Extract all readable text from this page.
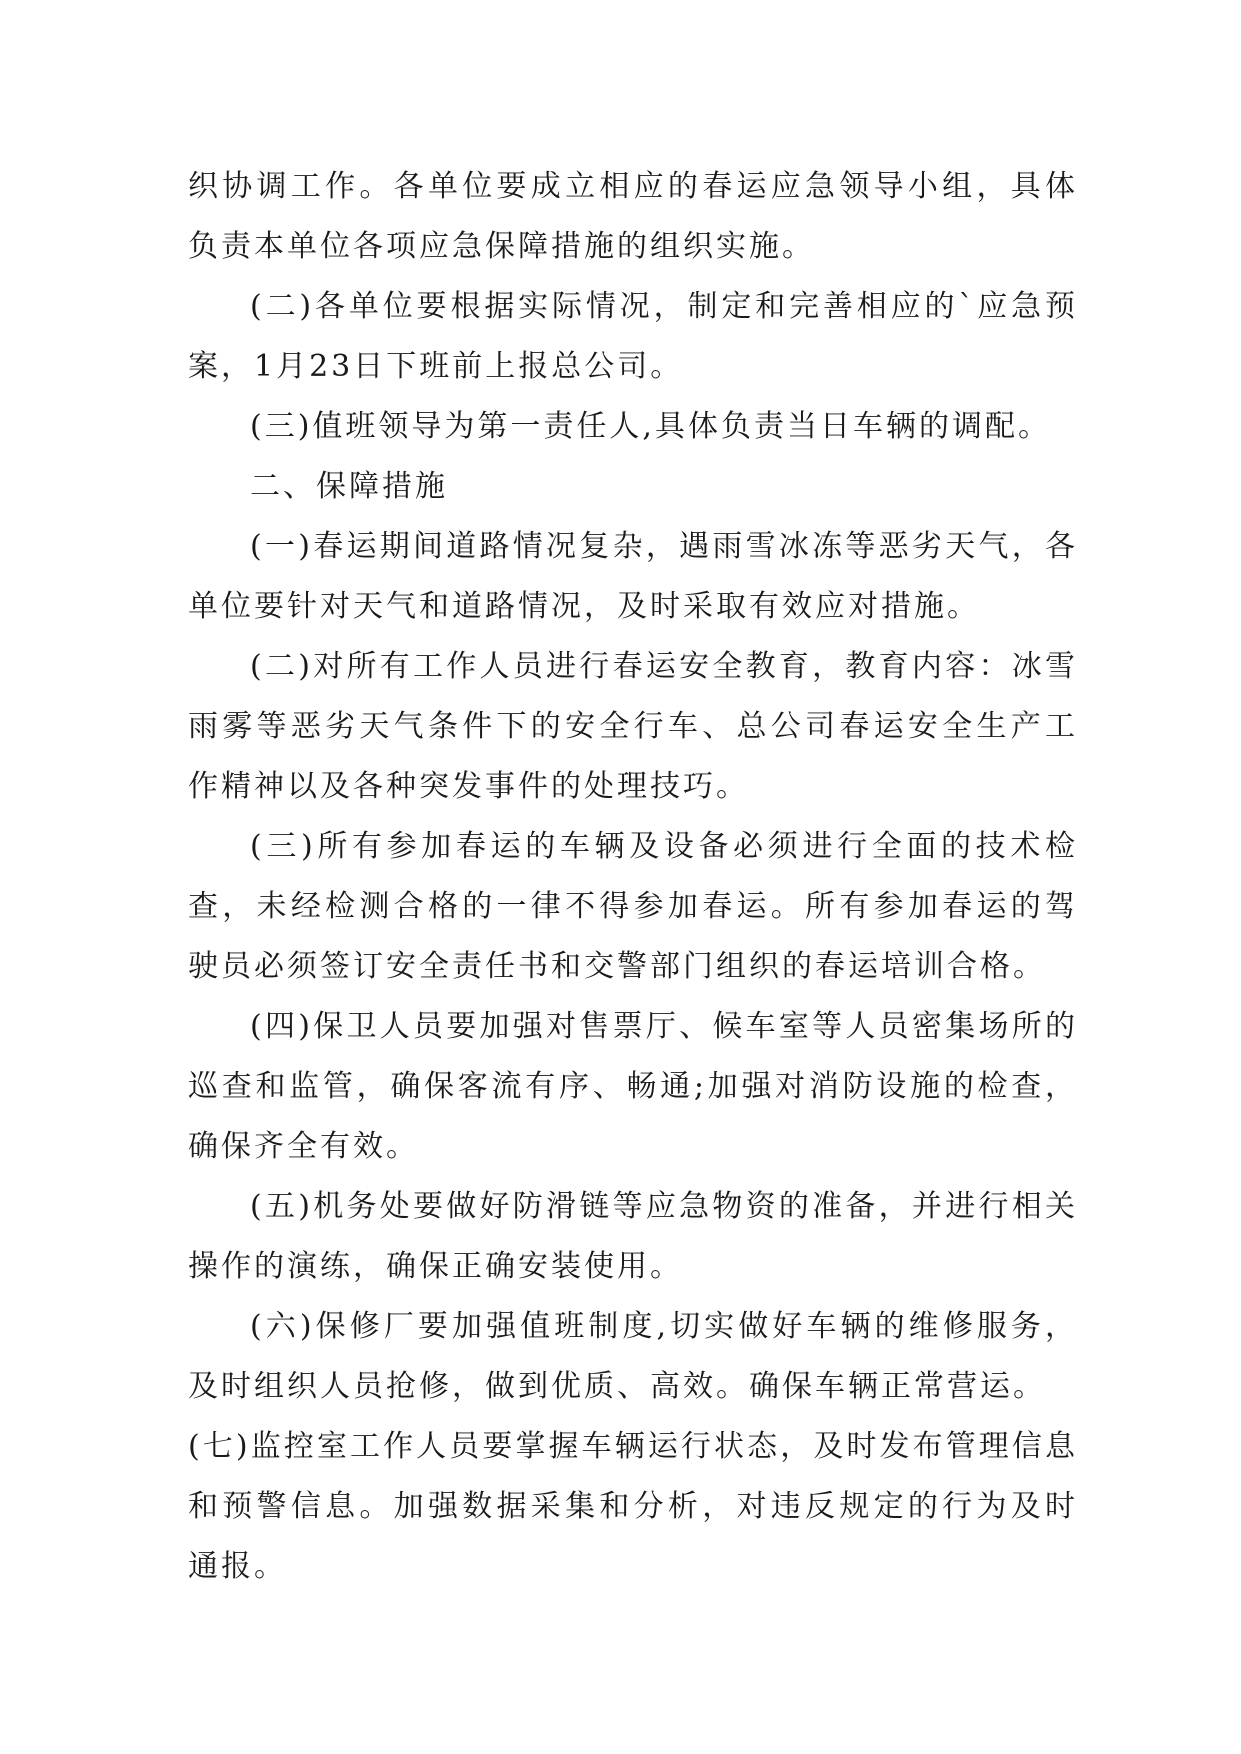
织协调工作。各单位要成立相应的春运应急领导小组，具体负责本单位各项应急保障措施的组织实施。

(二)各单位要根据实际情况，制定和完善相应的`应急预案，1月23日下班前上报总公司。

(三)值班领导为第一责任人,具体负责当日车辆的调配。

二、保障措施

(一)春运期间道路情况复杂，遇雨雪冰冻等恶劣天气，各单位要针对天气和道路情况，及时采取有效应对措施。

(二)对所有工作人员进行春运安全教育，教育内容：冰雪雨雾等恶劣天气条件下的安全行车、总公司春运安全生产工作精神以及各种突发事件的处理技巧。

(三)所有参加春运的车辆及设备必须进行全面的技术检查，未经检测合格的一律不得参加春运。所有参加春运的驾驶员必须签订安全责任书和交警部门组织的春运培训合格。

(四)保卫人员要加强对售票厅、候车室等人员密集场所的巡查和监管，确保客流有序、畅通;加强对消防设施的检查，确保齐全有效。

(五)机务处要做好防滑链等应急物资的准备，并进行相关操作的演练，确保正确安装使用。

(六)保修厂要加强值班制度,切实做好车辆的维修服务，及时组织人员抢修，做到优质、高效。确保车辆正常营运。

(七)监控室工作人员要掌握车辆运行状态，及时发布管理信息和预警信息。加强数据采集和分析，对违反规定的行为及时通报。
